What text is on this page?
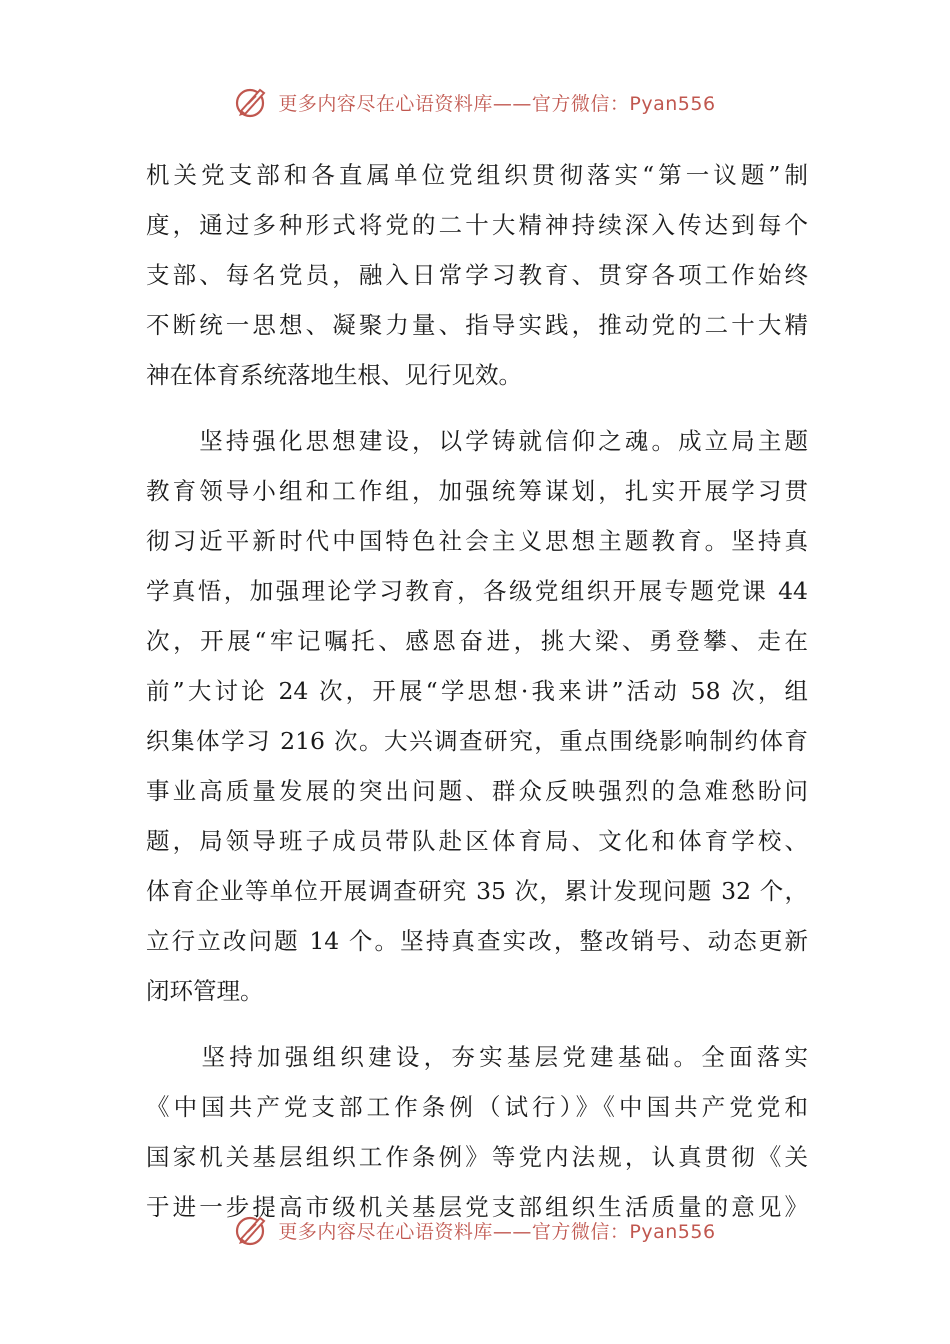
更多内容尽在心语资料库——官方微信：Pyan556
机关党支部和各直属单位党组织贯彻落实“第一议题”制
度，通过多种形式将党的二十大精神持续深入传达到每个
支部、每名党员，融入日常学习教育、贯穿各项工作始终
不断统一思想、凝聚力量、指导实践，推动党的二十大精
神在体育系统落地生根、见行见效。
　　坚持强化思想建设，以学铸就信仰之魂。成立局主题
教育领导小组和工作组，加强统筹谋划，扎实开展学习贯
彻习近平新时代中国特色社会主义思想主题教育。坚持真
学真悟，加强理论学习教育，各级党组织开展专题党课 44
次，开展“牢记嘱托、感恩奋进，挑大梁、勇登攀、走在
前”大讨论 24 次，开展“学思想·我来讲”活动 58 次，组
织集体学习 216 次。大兴调查研究，重点围绕影响制约体育
事业高质量发展的突出问题、群众反映强烈的急难愁盼问
题，局领导班子成员带队赴区体育局、文化和体育学校、
体育企业等单位开展调查研究 35 次，累计发现问题 32 个，
立行立改问题 14 个。坚持真查实改，整改销号、动态更新
闭环管理。
　　坚持加强组织建设，夯实基层党建基础。全面落实
《中国共产党支部工作条例（试行）》《中国共产党党和
国家机关基层组织工作条例》等党内法规，认真贯彻《关
于进一步提高市级机关基层党支部组织生活质量的意见》
更多内容尽在心语资料库——官方微信：Pyan556
